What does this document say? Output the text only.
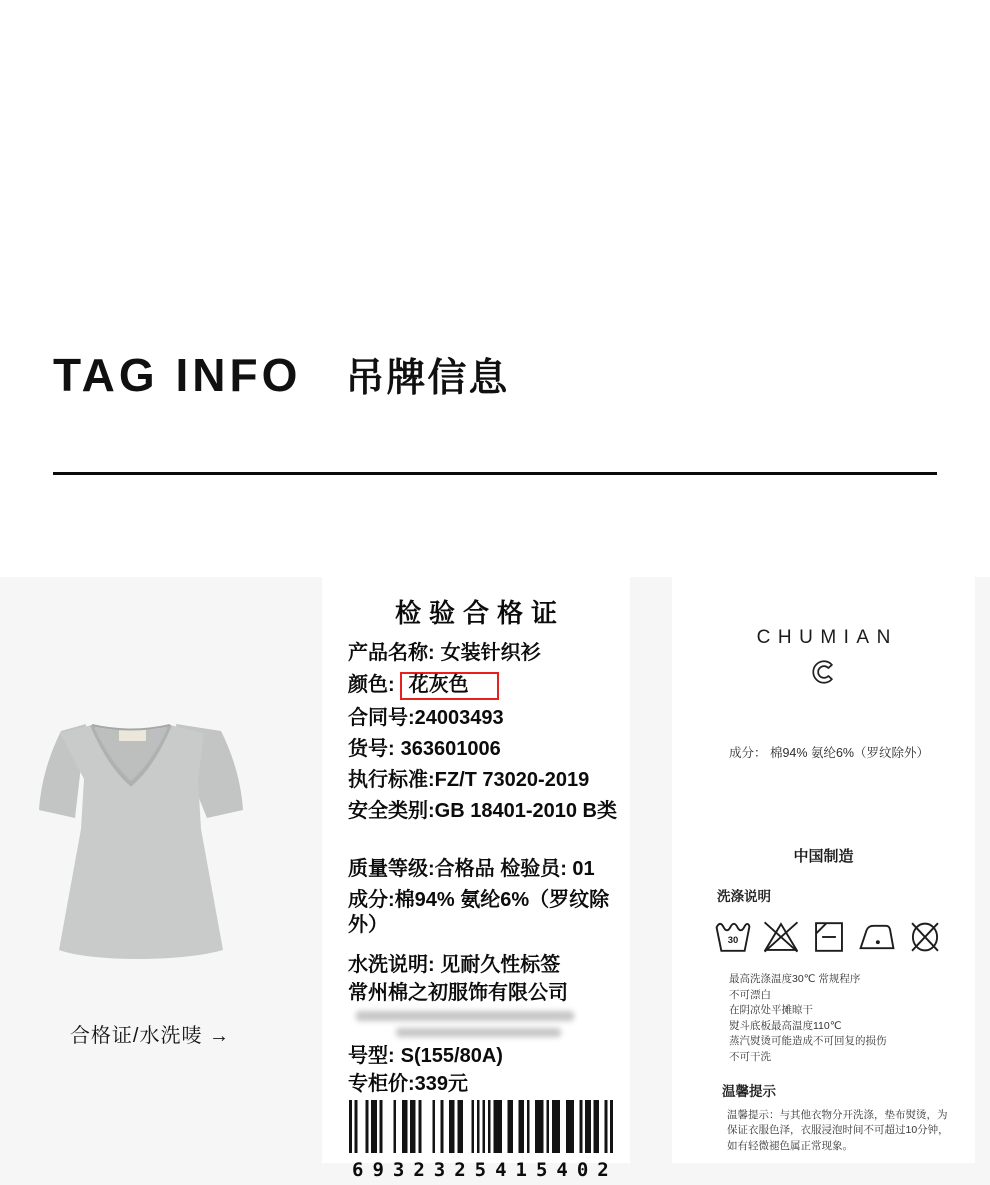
TAG INFO 吊牌信息
合格证/水洗唛 →
检验合格证
产品名称: 女装针织衫
颜色: 花灰色
合同号:24003493
货号: 363601006
执行标准:FZ/T 73020-2019
安全类别:GB 18401-2010 B类
质量等级:合格品 检验员: 01
成分:棉94% 氨纶6%（罗纹除外）
水洗说明: 见耐久性标签
常州棉之初服饰有限公司
号型: S(155/80A)
专柜价:339元
6932325415402
CHUMIAN
成分： 棉94% 氨纶6%（罗纹除外）
中国制造
洗涤说明
30
最高洗涤温度30℃ 常规程序
不可漂白
在阴凉处平摊晾干
熨斗底板最高温度110℃
蒸汽熨烫可能造成不可回复的损伤
不可干洗
温馨提示
温馨提示：与其他衣物分开洗涤，垫布熨烫，为保证衣服色泽，衣服浸泡时间不可超过10分钟，如有轻微褪色属正常现象。
